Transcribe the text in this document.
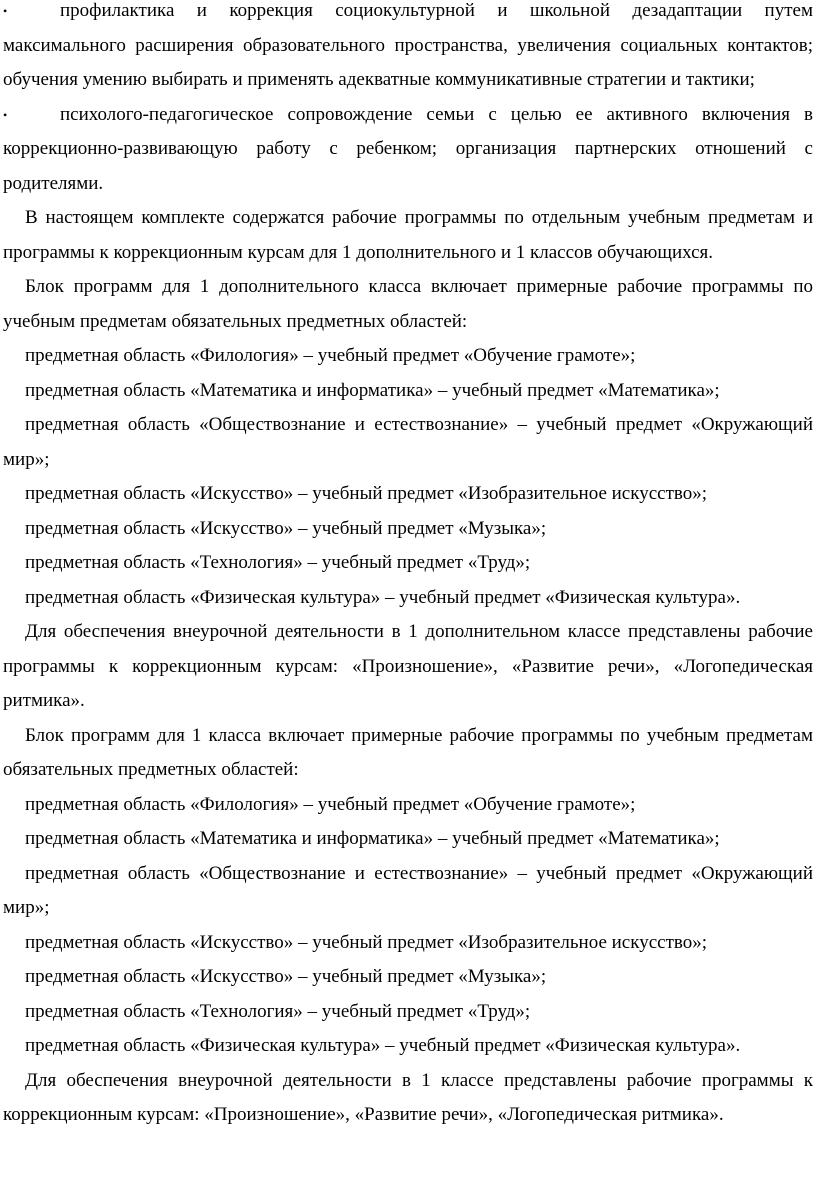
•	профилактика и коррекция социокультурной и школьной дезадаптации путем максимального расширения образовательного пространства, увеличения социальных контактов; обучения умению выбирать и применять адекватные коммуникативные стратегии и тактики;

•	психолого-педагогическое сопровождение семьи с целью ее активного включения в коррекционно-развивающую работу с ребенком; организация партнерских отношений с родителями.

В настоящем комплекте содержатся рабочие программы по отдельным учебным предметам и программы к коррекционным курсам для 1 дополнительного и 1 классов обучающихся.

Блок программ для 1 дополнительного класса включает примерные рабочие программы по учебным предметам обязательных предметных областей:

предметная область «Филология» – учебный предмет «Обучение грамоте»;

предметная область «Математика и информатика» – учебный предмет «Математика»;

предметная область «Обществознание и естествознание» – учебный предмет «Окружающий мир»;

предметная область «Искусство» – учебный предмет «Изобразительное искусство»;

предметная область «Искусство» – учебный предмет «Музыка»;

предметная область «Технология» – учебный предмет «Труд»;

предметная область «Физическая культура» – учебный предмет «Физическая культура».

Для обеспечения внеурочной деятельности в 1 дополнительном классе представлены рабочие программы к коррекционным курсам: «Произношение», «Развитие речи», «Логопедическая ритмика».

Блок программ для 1 класса включает примерные рабочие программы по учебным предметам обязательных предметных областей:

предметная область «Филология» – учебный предмет «Обучение грамоте»;

предметная область «Математика и информатика» – учебный предмет «Математика»;

предметная область «Обществознание и естествознание» – учебный предмет «Окружающий мир»;

предметная область «Искусство» – учебный предмет «Изобразительное искусство»;

предметная область «Искусство» – учебный предмет «Музыка»;

предметная область «Технология» – учебный предмет «Труд»;

предметная область «Физическая культура» – учебный предмет «Физическая культура».

Для обеспечения внеурочной деятельности в 1 классе представлены рабочие программы к коррекционным курсам: «Произношение», «Развитие речи», «Логопедическая ритмика».
